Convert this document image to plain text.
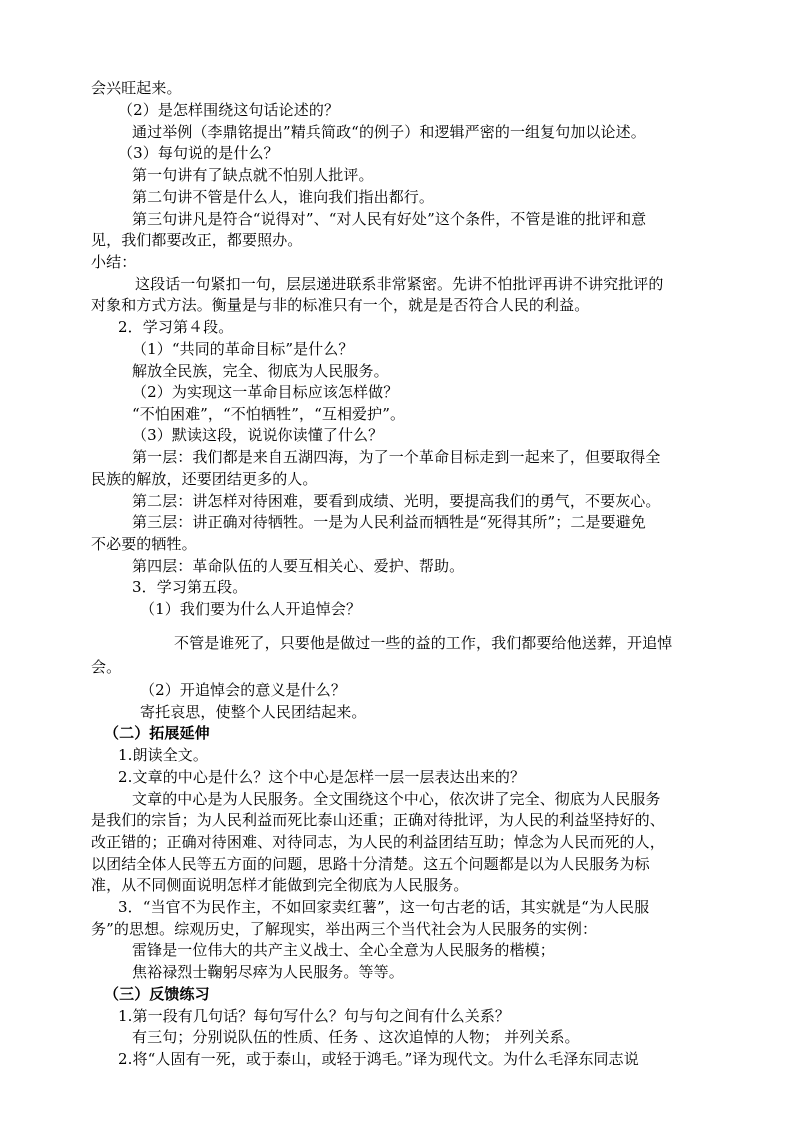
会兴旺起来。
（2）是怎样围绕这句话论述的？
通过举例（李鼎铭提出”精兵简政“的例子）和逻辑严密的一组复句加以论述。
（3）每句说的是什么？
第一句讲有了缺点就不怕别人批评。
第二句讲不管是什么人，谁向我们指出都行。
第三句讲凡是符合“说得对”、“对人民有好处”这个条件，不管是谁的批评和意
见，我们都要改正，都要照办。
小结：
这段话一句紧扣一句，层层递进联系非常紧密。先讲不怕批评再讲不讲究批评的
对象和方式方法。衡量是与非的标准只有一个，就是是否符合人民的利益。
2．学习第４段。
（1）“共同的革命目标”是什么？
解放全民族，完全、彻底为人民服务。
（2）为实现这一革命目标应该怎样做？
“不怕困难”，“不怕牺牲”，“互相爱护”。
（3）默读这段，说说你读懂了什么？
第一层：我们都是来自五湖四海，为了一个革命目标走到一起来了，但要取得全
民族的解放，还要团结更多的人。
第二层：讲怎样对待困难，要看到成绩、光明，要提高我们的勇气，不要灰心。
第三层：讲正确对待牺牲。一是为人民利益而牺牲是“死得其所”；二是要避免
不必要的牺牲。
第四层：革命队伍的人要互相关心、爱护、帮助。
3．学习第五段。
（1）我们要为什么人开追悼会？
不管是谁死了，只要他是做过一些的益的工作，我们都要给他送葬，开追悼
会。
（2）开追悼会的意义是什么？
寄托哀思，使整个人民团结起来。
（二）拓展延伸
1.朗读全文。
2.文章的中心是什么？这个中心是怎样一层一层表达出来的？
文章的中心是为人民服务。全文围绕这个中心，依次讲了完全、彻底为人民服务
是我们的宗旨；为人民利益而死比泰山还重；正确对待批评，为人民的利益坚持好的、
改正错的；正确对待困难、对待同志，为人民的利益团结互助；悼念为人民而死的人，
以团结全体人民等五方面的问题，思路十分清楚。这五个问题都是以为人民服务为标
准，从不同侧面说明怎样才能做到完全彻底为人民服务。
3．“当官不为民作主，不如回家卖红薯”，这一句古老的话，其实就是“为人民服
务”的思想。综观历史，了解现实，举出两三个当代社会为人民服务的实例：
雷锋是一位伟大的共产主义战士、全心全意为人民服务的楷模；
焦裕禄烈士鞠躬尽瘁为人民服务。等等。
（三）反馈练习
1.第一段有几句话？每句写什么？句与句之间有什么关系？
有三句；分别说队伍的性质、任务 、这次追悼的人物； 并列关系。
2.将“人固有一死，或于泰山，或轻于鸿毛。”译为现代文。为什么毛泽东同志说
